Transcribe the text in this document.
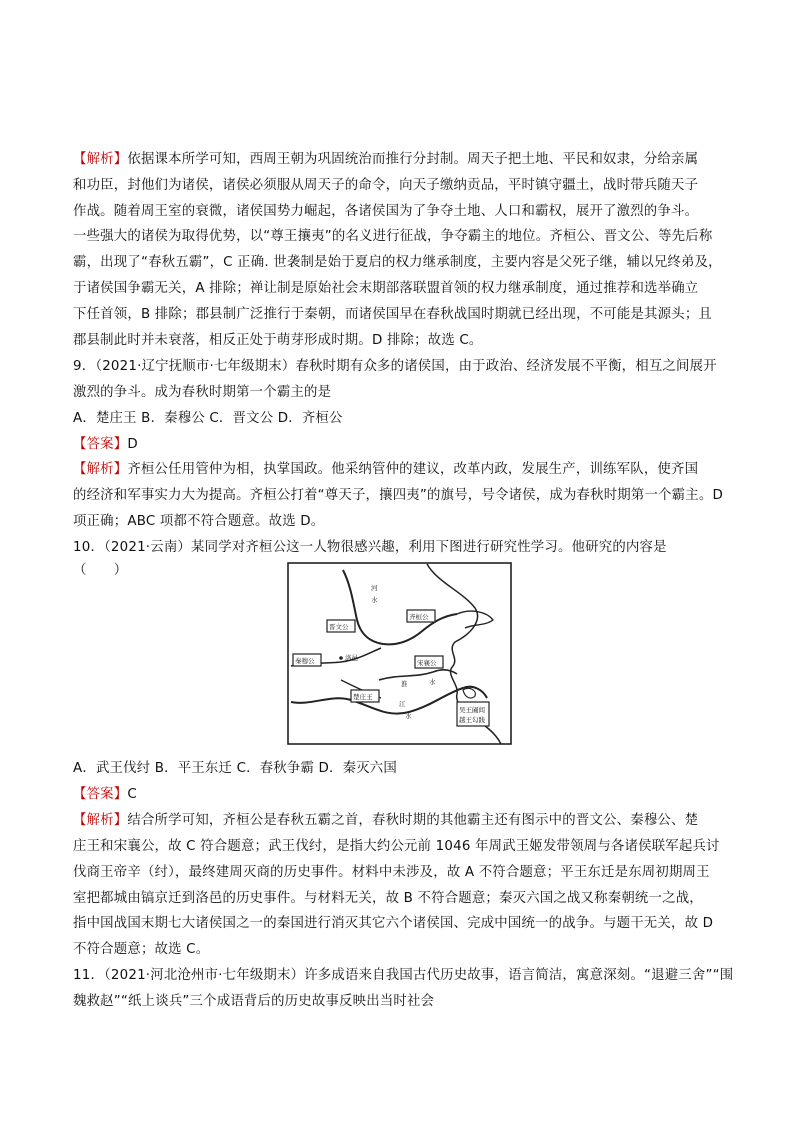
【解析】依据课本所学可知，西周王朝为巩固统治而推行分封制。周天子把土地、平民和奴隶，分给亲属
和功臣，封他们为诸侯，诸侯必须服从周天子的命令，向天子缴纳贡品，平时镇守疆土，战时带兵随天子
作战。随着周王室的衰微，诸侯国势力崛起，各诸侯国为了争夺土地、人口和霸权，展开了激烈的争斗。
一些强大的诸侯为取得优势，以“尊王攘夷”的名义进行征战，争夺霸主的地位。齐桓公、晋文公、等先后称
霸，出现了“春秋五霸”，C 正确. 世袭制是始于夏启的权力继承制度，主要内容是父死子继，辅以兄终弟及，
于诸侯国争霸无关，A 排除；禅让制是原始社会末期部落联盟首领的权力继承制度，通过推荐和选举确立
下任首领，B 排除；郡县制广泛推行于秦朝，而诸侯国早在春秋战国时期就已经出现，不可能是其源头；且
郡县制此时并未衰落，相反正处于萌芽形成时期。D 排除；故选 C。
9．（2021·辽宁抚顺市·七年级期末）春秋时期有众多的诸侯国，由于政治、经济发展不平衡，相互之间展开
激烈的争斗。成为春秋时期第一个霸主的是
A．楚庄王 B．秦穆公 C．晋文公 D．齐桓公
【答案】D
【解析】齐桓公任用管仲为相，执掌国政。他采纳管仲的建议，改革内政，发展生产，训练军队，使齐国
的经济和军事实力大为提高。齐桓公打着“尊天子，攘四夷”的旗号，号令诸侯，成为春秋时期第一个霸主。D
项正确；ABC 项都不符合题意。故选 D。
10．（2021·云南）某同学对齐桓公这一人物很感兴趣，利用下图进行研究性学习。他研究的内容是
（　　）
晋文公
齐桓公
秦穆公	宋襄公
楚庄王
吴王阖闾
越王勾践
洛邑
河
水
淮	水
江
水
A．武王伐纣 B．平王东迁 C．春秋争霸 D．秦灭六国
【答案】C
【解析】结合所学可知，齐桓公是春秋五霸之首，春秋时期的其他霸主还有图示中的晋文公、秦穆公、楚
庄王和宋襄公，故 C 符合题意；武王伐纣，是指大约公元前 1046 年周武王姬发带领周与各诸侯联军起兵讨
伐商王帝辛（纣），最终建周灭商的历史事件。材料中未涉及，故 A 不符合题意；平王东迁是东周初期周王
室把都城由镐京迁到洛邑的历史事件。与材料无关，故 B 不符合题意；秦灭六国之战又称秦朝统一之战，
指中国战国末期七大诸侯国之一的秦国进行消灭其它六个诸侯国、完成中国统一的战争。与题干无关，故 D
不符合题意；故选 C。
11．（2021·河北沧州市·七年级期末）许多成语来自我国古代历史故事，语言简洁，寓意深刻。“退避三舍”“围
魏救赵”“纸上谈兵”三个成语背后的历史故事反映出当时社会
